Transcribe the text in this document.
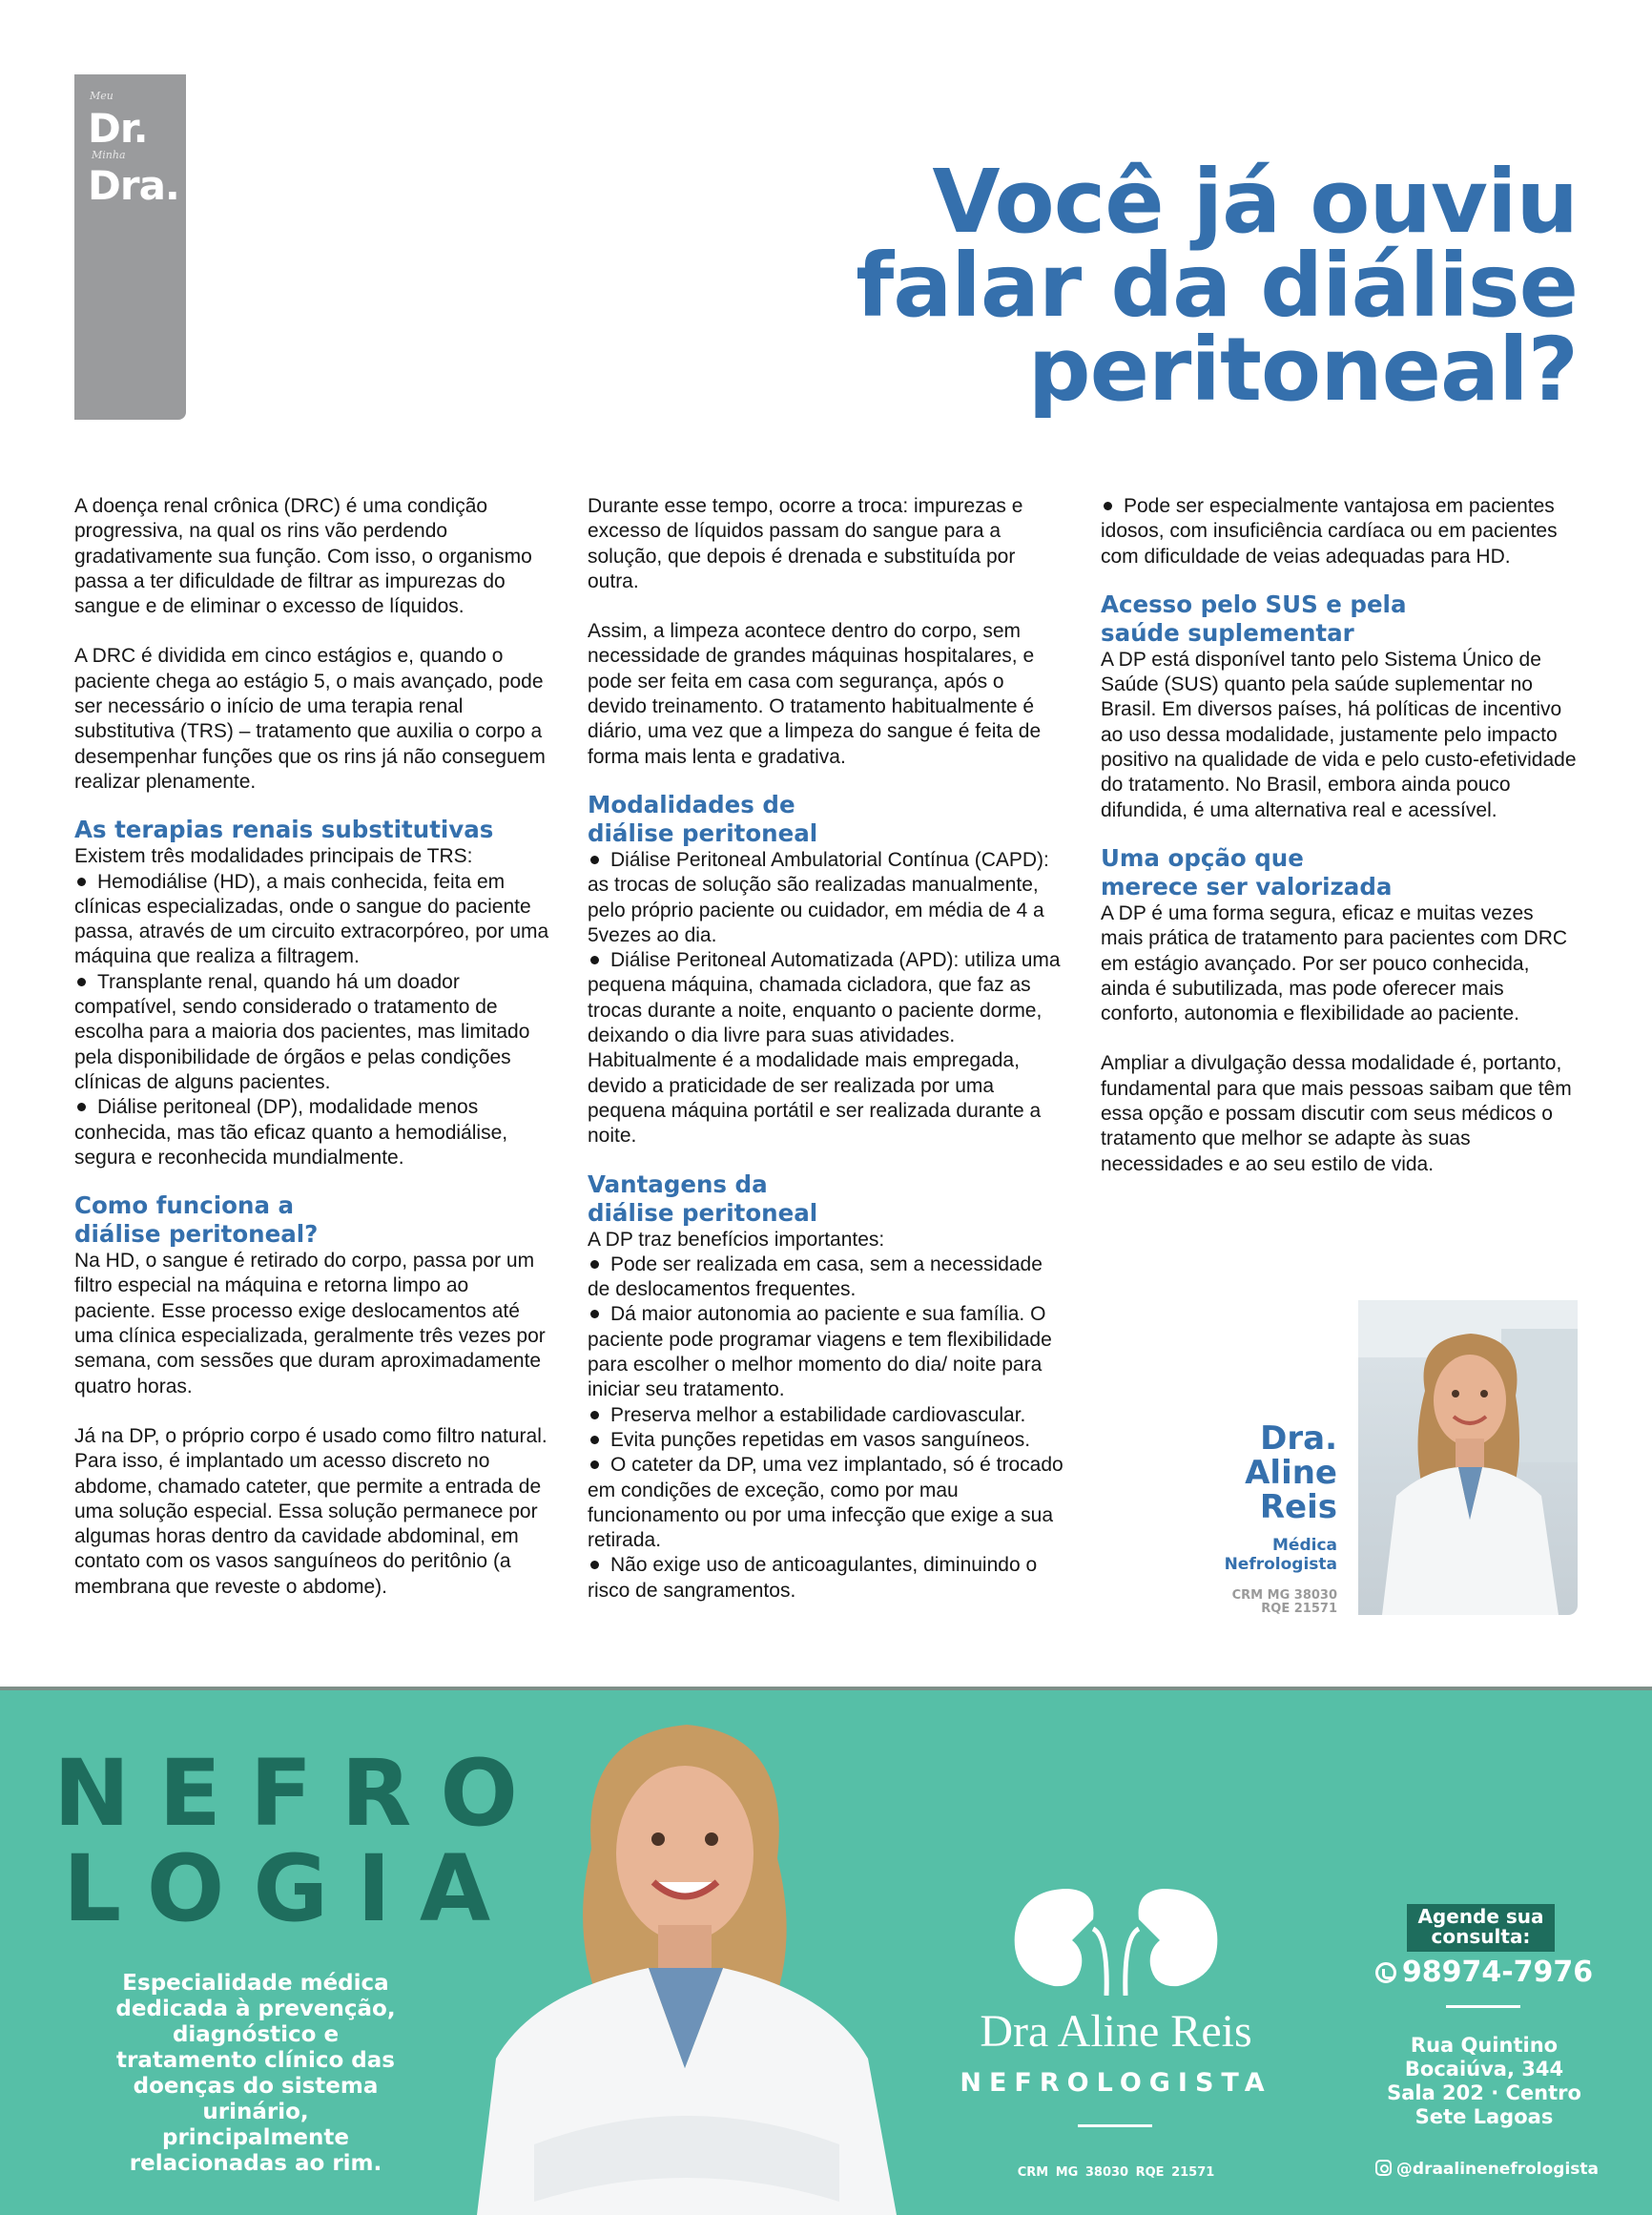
Meu
Dr.
Minha
Dra.	Você já ouviu
falar da diálise
peritoneal?

A doença renal crônica (DRC) é uma condição progressiva, na qual os rins vão perdendo gradativamente sua função. Com isso, o organismo passa a ter dificuldade de filtrar as impurezas do sangue e de eliminar o excesso de líquidos.

A DRC é dividida em cinco estágios e, quando o paciente chega ao estágio 5, o mais avançado, pode ser necessário o início de uma terapia renal substitutiva (TRS) – tratamento que auxilia o corpo a desempenhar funções que os rins já não conseguem realizar plenamente.

As terapias renais substitutivas

Existem três modalidades principais de TRS:

Hemodiálise (HD), a mais conhecida, feita em clínicas especializadas, onde o sangue do paciente passa, através de um circuito extracorpóreo, por uma máquina que realiza a filtragem.

Transplante renal, quando há um doador compatível, sendo considerado o tratamento de escolha para a maioria dos pacientes, mas limitado pela disponibilidade de órgãos e pelas condições clínicas de alguns pacientes.

Diálise peritoneal (DP), modalidade menos conhecida, mas tão eficaz quanto a hemodiálise, segura e reconhecida mundialmente.

Como funciona a
diálise peritoneal?

Na HD, o sangue é retirado do corpo, passa por um filtro especial na máquina e retorna limpo ao paciente. Esse processo exige deslocamentos até uma clínica especializada, geralmente três vezes por semana, com sessões que duram aproximadamente quatro horas.

Já na DP, o próprio corpo é usado como filtro natural. Para isso, é implantado um acesso discreto no abdome, chamado cateter, que permite a entrada de uma solução especial. Essa solução permanece por algumas horas dentro da cavidade abdominal, em contato com os vasos sanguíneos do peritônio (a membrana que reveste o abdome).

Durante esse tempo, ocorre a troca: impurezas e excesso de líquidos passam do sangue para a solução, que depois é drenada e substituída por outra.

Assim, a limpeza acontece dentro do corpo, sem necessidade de grandes máquinas hospitalares, e pode ser feita em casa com segurança, após o devido treinamento. O tratamento habitualmente é diário, uma vez que a limpeza do sangue é feita de forma mais lenta e gradativa.

Modalidades de
diálise peritoneal

Diálise Peritoneal Ambulatorial Contínua (CAPD): as trocas de solução são realizadas manualmente, pelo próprio paciente ou cuidador, em média de 4 a 5vezes ao dia.

Diálise Peritoneal Automatizada (APD): utiliza uma pequena máquina, chamada cicladora, que faz as trocas durante a noite, enquanto o paciente dorme, deixando o dia livre para suas atividades. Habitualmente é a modalidade mais empregada, devido a praticidade de ser realizada por uma pequena máquina portátil e ser realizada durante a noite.

Vantagens da
diálise peritoneal

A DP traz benefícios importantes:

Pode ser realizada em casa, sem a necessidade de deslocamentos frequentes.

Dá maior autonomia ao paciente e sua família. O paciente pode programar viagens e tem flexibilidade para escolher o melhor momento do dia/ noite para iniciar seu tratamento.

Preserva melhor a estabilidade cardiovascular.

Evita punções repetidas em vasos sanguíneos.

O cateter da DP, uma vez implantado, só é trocado em condições de exceção, como por mau funcionamento ou por uma infecção que exige a sua retirada.

Não exige uso de anticoagulantes, diminuindo o risco de sangramentos.

Pode ser especialmente vantajosa em pacientes idosos, com insuficiência cardíaca ou em pacientes com dificuldade de veias adequadas para HD.

Acesso pelo SUS e pela
saúde suplementar

A DP está disponível tanto pelo Sistema Único de Saúde (SUS) quanto pela saúde suplementar no Brasil. Em diversos países, há políticas de incentivo ao uso dessa modalidade, justamente pelo impacto positivo na qualidade de vida e pelo custo-efetividade do tratamento. No Brasil, embora ainda pouco difundida, é uma alternativa real e acessível.

Uma opção que
merece ser valorizada

A DP é uma forma segura, eficaz e muitas vezes mais prática de tratamento para pacientes com DRC em estágio avançado. Por ser pouco conhecida, ainda é subutilizada, mas pode oferecer mais conforto, autonomia e flexibilidade ao paciente.

Ampliar a divulgação dessa modalidade é, portanto, fundamental para que mais pessoas saibam que têm essa opção e possam discutir com seus médicos o tratamento que melhor se adapte às suas necessidades e ao seu estilo de vida.

Dra.
Aline
Reis
Médica
Nefrologista
CRM MG 38030
RQE 21571
NEFRO
LOGIA
Especialidade médica dedicada à prevenção, diagnóstico e tratamento clínico das doenças do sistema urinário, principalmente relacionadas ao rim.
Dra Aline Reis
NEFROLOGISTA
CRM MG 38030 RQE 21571
Agende sua
consulta:
98974-7976
Rua Quintino
Bocaiúva, 344
Sala 202 · Centro
Sete Lagoas
@draalinenefrologista
